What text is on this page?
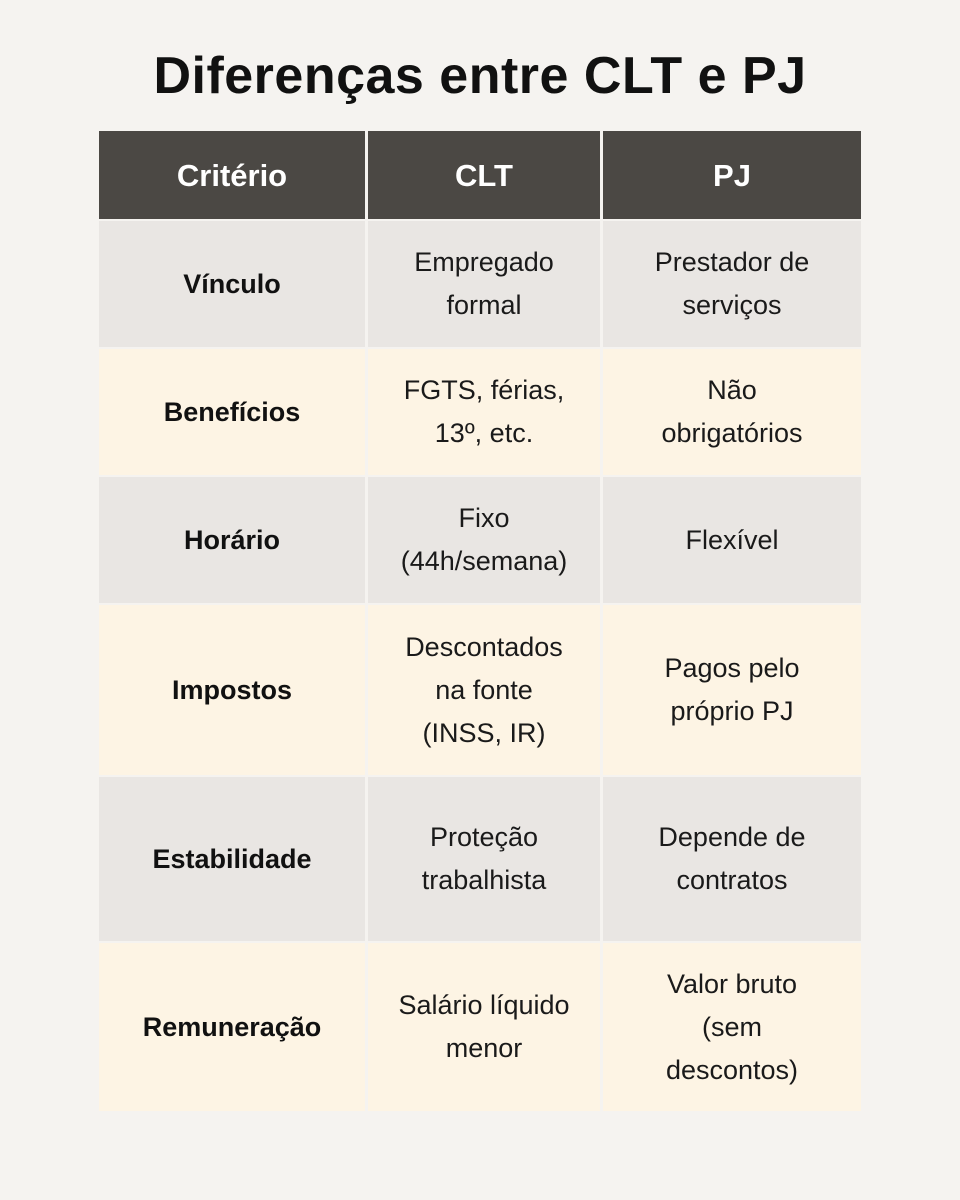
Diferenças entre CLT e PJ
Critério	CLT	PJ
Vínculo
Empregado
formal
Prestador de
serviços
Benefícios
FGTS, férias,
13º, etc.
Não
obrigatórios
Horário
Fixo
(44h/semana)
Flexível
Impostos
Descontados
na fonte
(INSS, IR)
Pagos pelo
próprio PJ
Estabilidade
Proteção
trabalhista
Depende de
contratos
Remuneração
Salário líquido
menor
Valor bruto
(sem
descontos)
